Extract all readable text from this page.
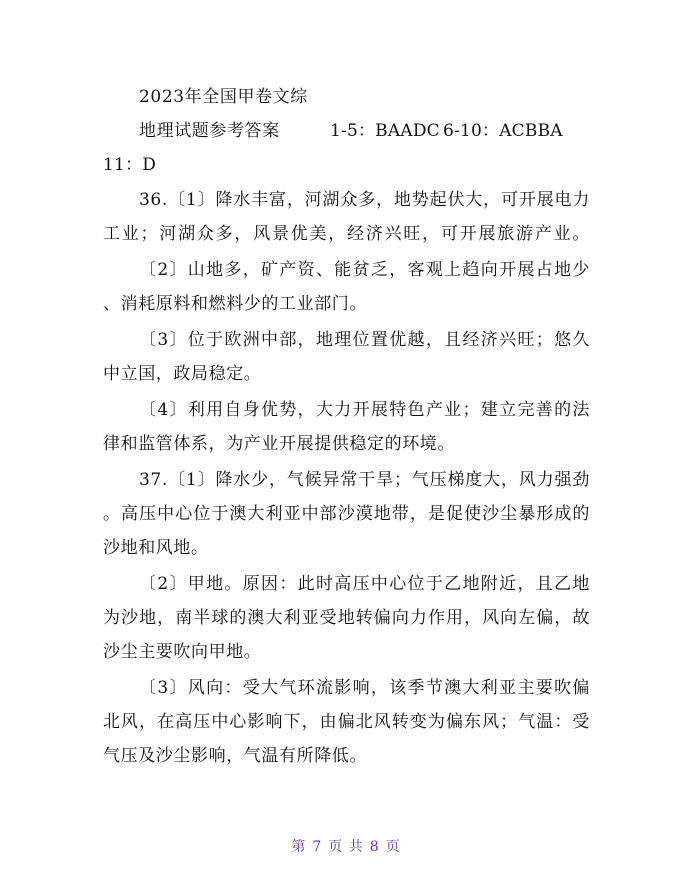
2023年全国甲卷文综
地理试题参考答案	1-5：BAADC 6-10：ACBBA
11：D
36.〔1〕降水丰富，河湖众多，地势起伏大，可开展电力
工业；河湖众多，风景优美，经济兴旺，可开展旅游产业。
〔2〕山地多，矿产资、能贫乏，客观上趋向开展占地少
、消耗原料和燃料少的工业部门。
〔3〕位于欧洲中部，地理位置优越，且经济兴旺；悠久
中立国，政局稳定。
〔4〕利用自身优势，大力开展特色产业；建立完善的法
律和监管体系，为产业开展提供稳定的环境。
37.〔1〕降水少，气候异常干旱；气压梯度大，风力强劲
。高压中心位于澳大利亚中部沙漠地带，是促使沙尘暴形成的
沙地和风地。
〔2〕甲地。原因：此时高压中心位于乙地附近，且乙地
为沙地，南半球的澳大利亚受地转偏向力作用，风向左偏，故
沙尘主要吹向甲地。
〔3〕风向：受大气环流影响，该季节澳大利亚主要吹偏
北风，在高压中心影响下，由偏北风转变为偏东风；气温：受
气压及沙尘影响，气温有所降低。
第 7 页 共 8 页
